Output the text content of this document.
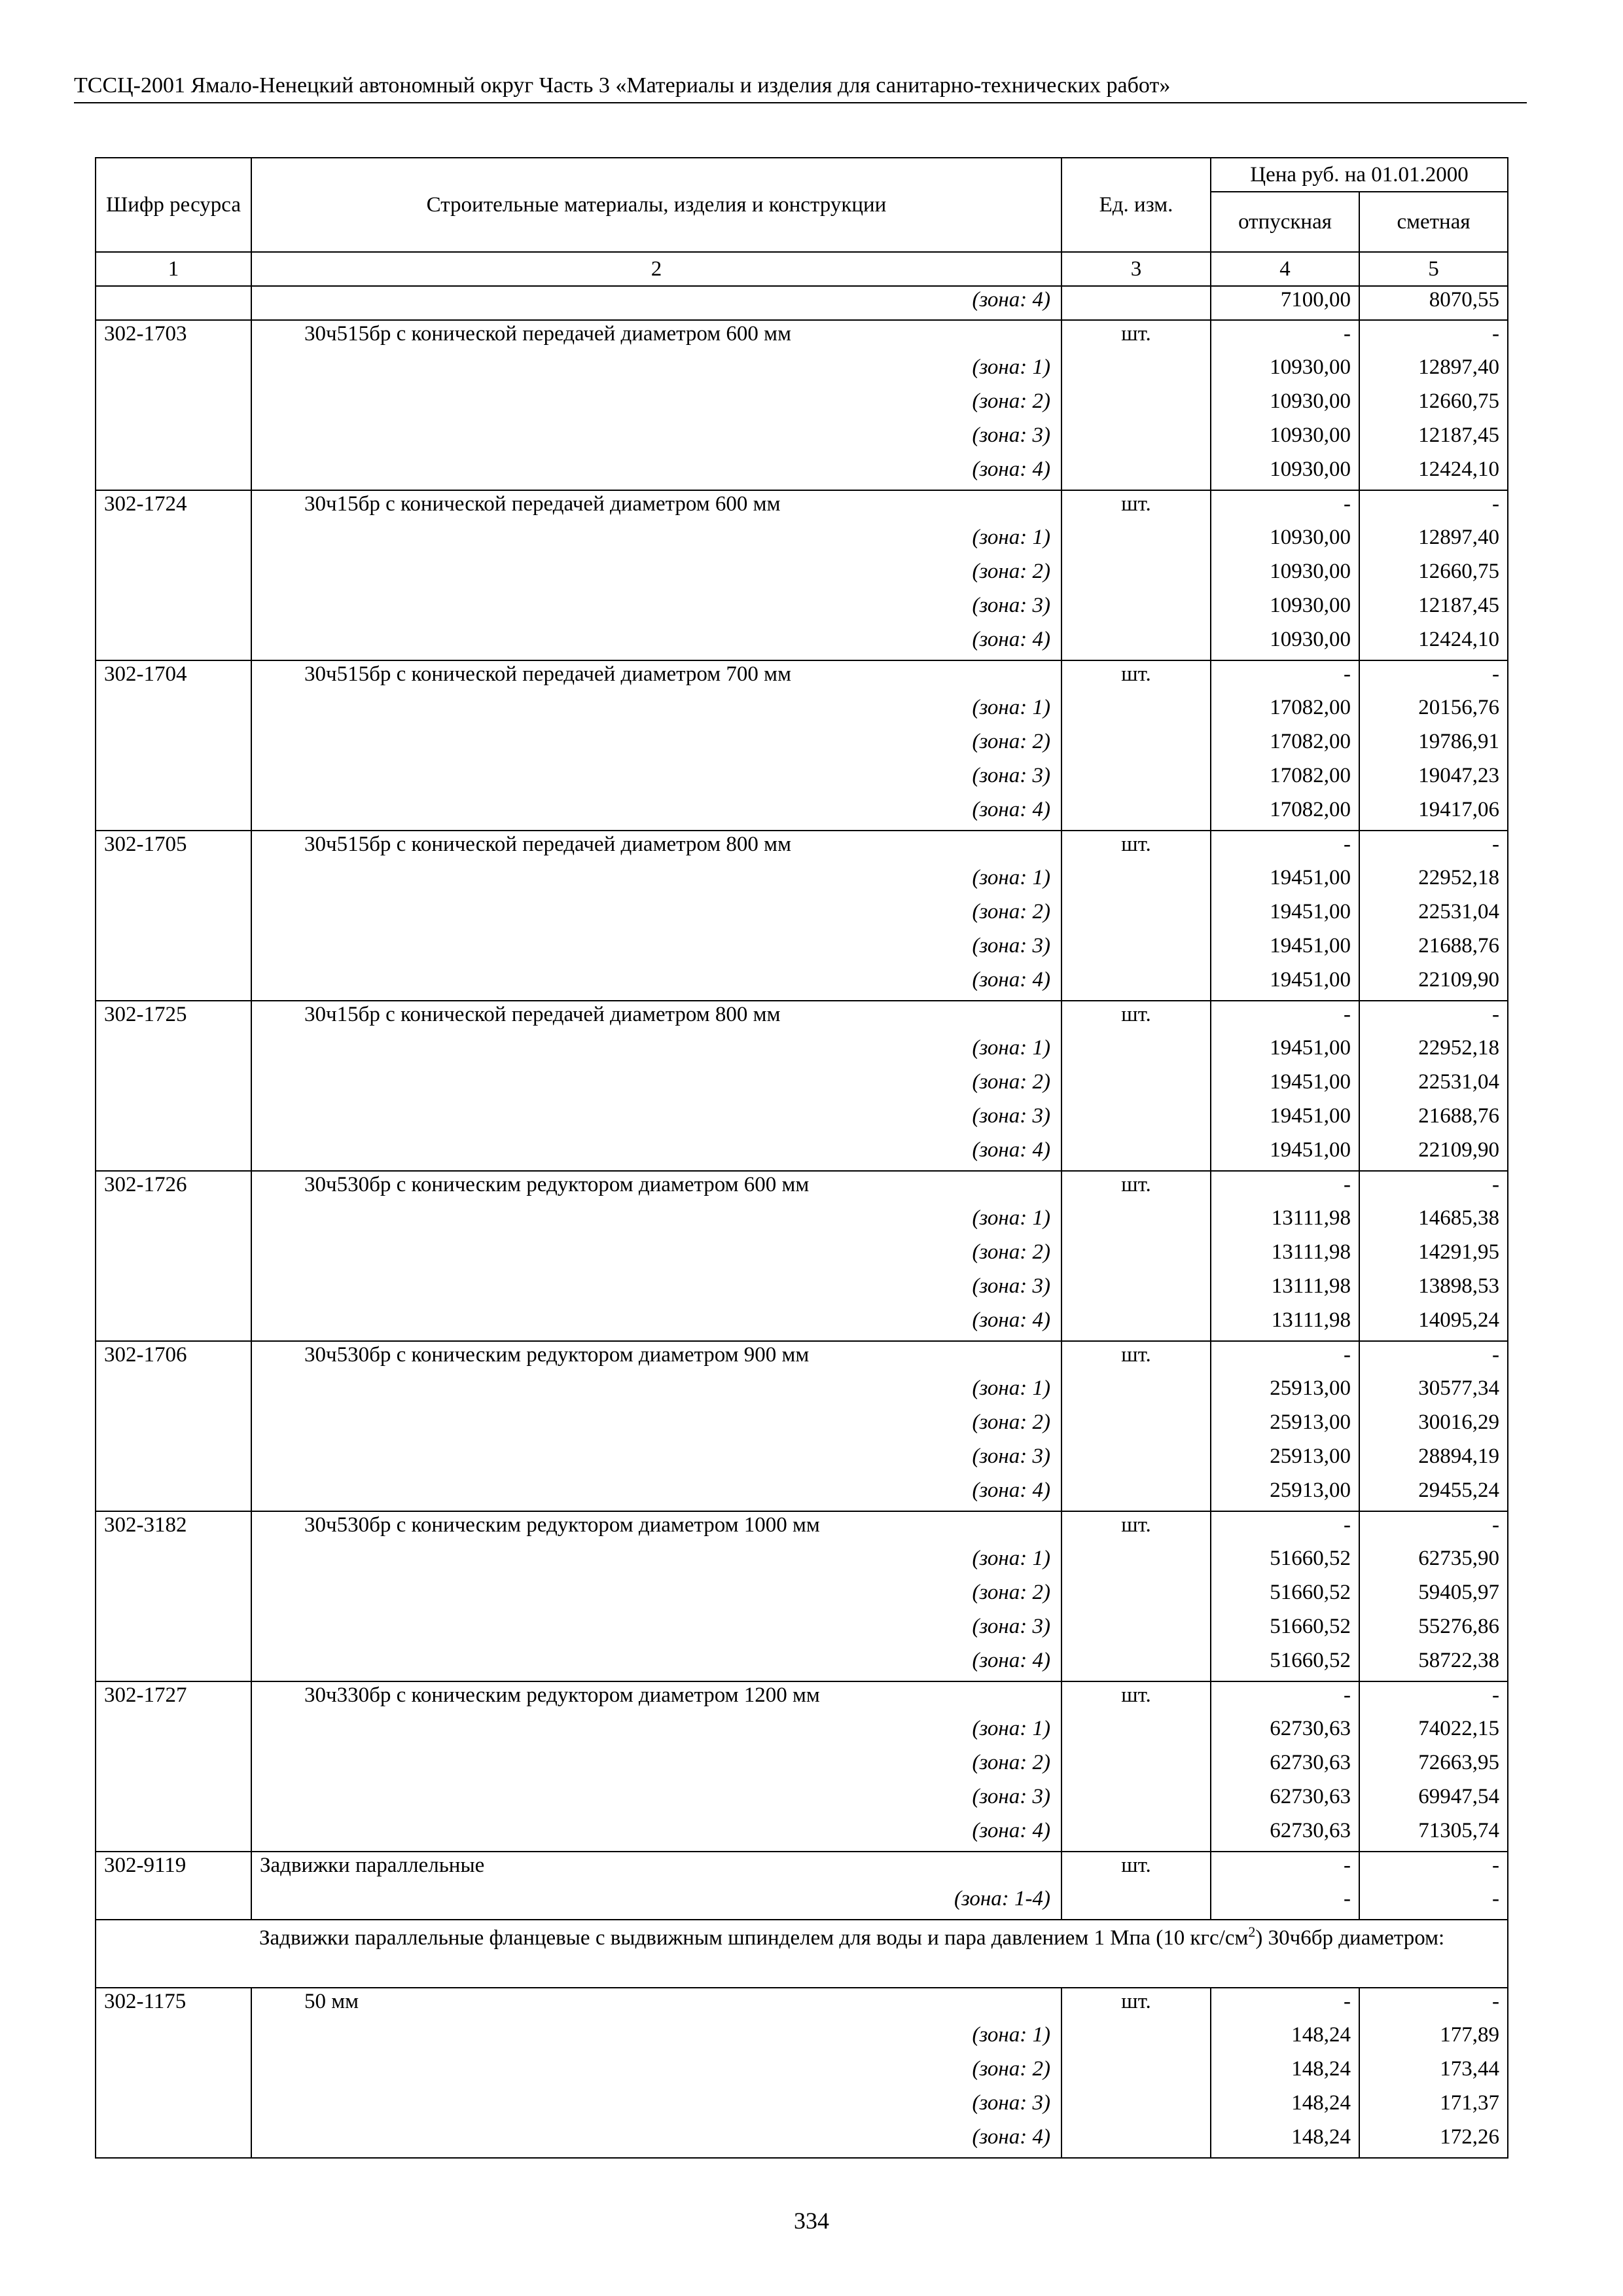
ТССЦ-2001 Ямало-Ненецкий автономный округ Часть 3 «Материалы и изделия для санитарно-технических работ»
Шифр ресурса	Строительные материалы, изделия и конструкции	Ед. изм.	Цена руб. на 01.01.2000	
			отпускная	сметная
1	2	3	4	5
	(зона: 4)		7100,00	8070,55
302-1703	30ч515бр с конической передачей диаметром 600 мм	шт.	-	-
	(зона: 1)		10930,00	12897,40
	(зона: 2)		10930,00	12660,75
	(зона: 3)		10930,00	12187,45
	(зона: 4)		10930,00	12424,10
302-1724	30ч15бр с конической передачей диаметром 600 мм	шт.	-	-
	(зона: 1)		10930,00	12897,40
	(зона: 2)		10930,00	12660,75
	(зона: 3)		10930,00	12187,45
	(зона: 4)		10930,00	12424,10
302-1704	30ч515бр с конической передачей диаметром 700 мм	шт.	-	-
	(зона: 1)		17082,00	20156,76
	(зона: 2)		17082,00	19786,91
	(зона: 3)		17082,00	19047,23
	(зона: 4)		17082,00	19417,06
302-1705	30ч515бр с конической передачей диаметром 800 мм	шт.	-	-
	(зона: 1)		19451,00	22952,18
	(зона: 2)		19451,00	22531,04
	(зона: 3)		19451,00	21688,76
	(зона: 4)		19451,00	22109,90
302-1725	30ч15бр с конической передачей диаметром 800 мм	шт.	-	-
	(зона: 1)		19451,00	22952,18
	(зона: 2)		19451,00	22531,04
	(зона: 3)		19451,00	21688,76
	(зона: 4)		19451,00	22109,90
302-1726	30ч530бр с коническим редуктором диаметром 600 мм	шт.	-	-
	(зона: 1)		13111,98	14685,38
	(зона: 2)		13111,98	14291,95
	(зона: 3)		13111,98	13898,53
	(зона: 4)		13111,98	14095,24
302-1706	30ч530бр с коническим редуктором диаметром 900 мм	шт.	-	-
	(зона: 1)		25913,00	30577,34
	(зона: 2)		25913,00	30016,29
	(зона: 3)		25913,00	28894,19
	(зона: 4)		25913,00	29455,24
302-3182	30ч530бр с коническим редуктором диаметром 1000 мм	шт.	-	-
	(зона: 1)		51660,52	62735,90
	(зона: 2)		51660,52	59405,97
	(зона: 3)		51660,52	55276,86
	(зона: 4)		51660,52	58722,38
302-1727	30ч330бр с коническим редуктором диаметром 1200 мм	шт.	-	-
	(зона: 1)		62730,63	74022,15
	(зона: 2)		62730,63	72663,95
	(зона: 3)		62730,63	69947,54
	(зона: 4)		62730,63	71305,74
302-9119	Задвижки параллельные	шт.	-	-
	(зона: 1-4)		-	-
	Задвижки параллельные фланцевые с выдвижным шпинделем для воды и пара давлением 1 Мпа (10 кгс/$см^2$) 30ч6бр диаметром:			
302-1175	50 мм	шт.	-	-
	(зона: 1)		148,24	177,89
	(зона: 2)		148,24	173,44
	(зона: 3)		148,24	171,37
	(зона: 4)		148,24	172,26
334
